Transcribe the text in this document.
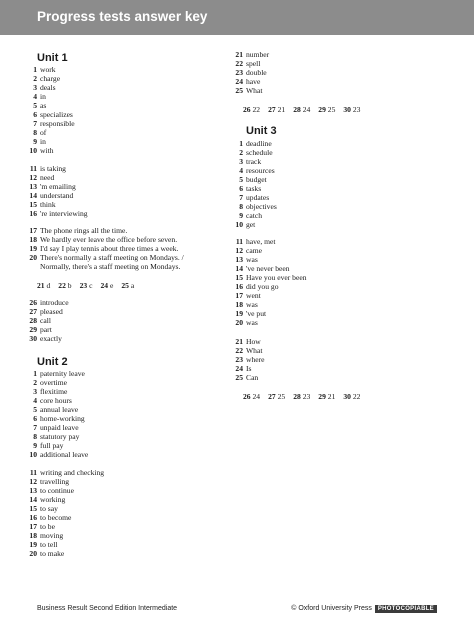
Progress tests answer key
Unit 1
1 work
2 charge
3 deals
4 in
5 as
6 specializes
7 responsible
8 of
9 in
10 with
11 is taking
12 need
13 'm emailing
14 understand
15 think
16 're interviewing
17 The phone rings all the time.
18 We hardly ever leave the office before seven.
19 I'd say I play tennis about three times a week.
20 There's normally a staff meeting on Mondays. /
Normally, there's a staff meeting on Mondays.
21 d 22 b 23 c 24 e 25 a
26 introduce
27 pleased
28 call
29 part
30 exactly
Unit 2
1 paternity leave
2 overtime
3 flexitime
4 core hours
5 annual leave
6 home-working
7 unpaid leave
8 statutory pay
9 full pay
10 additional leave
11 writing and checking
12 travelling
13 to continue
14 working
15 to say
16 to become
17 to be
18 moving
19 to tell
20 to make
21 number
22 spell
23 double
24 have
25 What
26 22 27 21 28 24 29 25 30 23
Unit 3
1 deadline
2 schedule
3 track
4 resources
5 budget
6 tasks
7 updates
8 objectives
9 catch
10 get
11 have, met
12 came
13 was
14 've never been
15 Have you ever been
16 did you go
17 went
18 was
19 've put
20 was
21 How
22 What
23 where
24 Is
25 Can
26 24 27 25 28 23 29 21 30 22
Business Result Second Edition Intermediate	© Oxford University Press PHOTOCOPIABLE
